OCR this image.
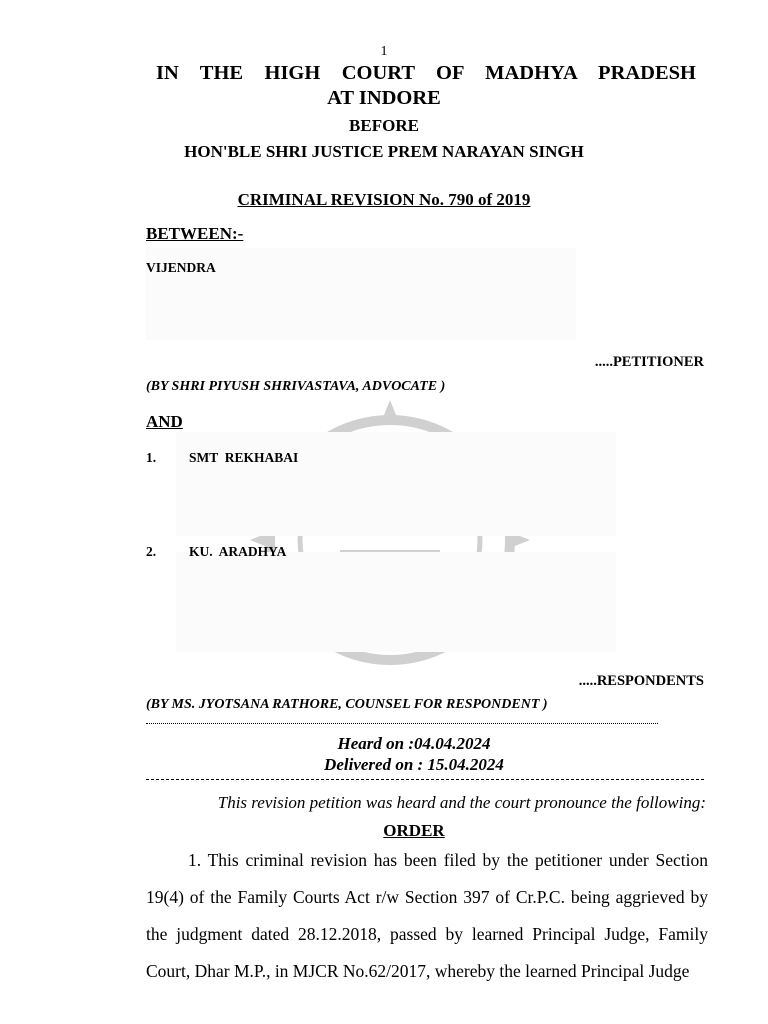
1
IN THE HIGH COURT OF MADHYA PRADESH
AT INDORE
BEFORE
HON'BLE SHRI JUSTICE PREM NARAYAN SINGH
CRIMINAL REVISION No. 790 of 2019
BETWEEN:-
VIJENDRA
.....PETITIONER
(BY SHRI PIYUSH SHRIVASTAVA, ADVOCATE )
AND
1. SMT  REKHABAI
2. KU.  ARADHYA
.....RESPONDENTS
(BY MS. JYOTSANA RATHORE, COUNSEL FOR RESPONDENT )
Heard on :04.04.2024
Delivered on : 15.04.2024
This revision petition was heard and the court pronounce the following:
ORDER
1. This criminal revision has been filed by the petitioner under Section 19(4) of the Family Courts Act r/w Section 397 of Cr.P.C. being aggrieved by the judgment dated 28.12.2018, passed by learned Principal Judge, Family Court, Dhar M.P., in MJCR No.62/2017, whereby the learned Principal Judge
